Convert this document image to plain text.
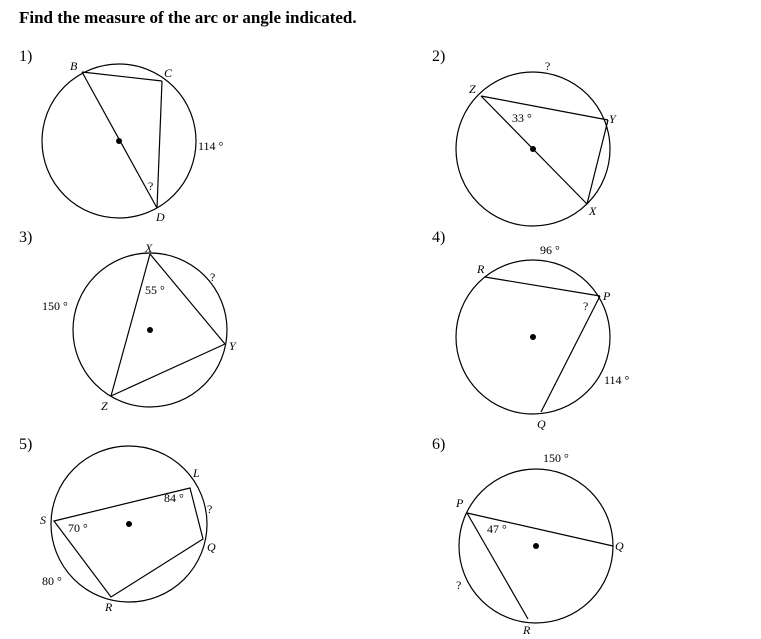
Find the measure of the arc or angle indicated.
1)	2)
3)	4)
5)	6)
B	C
D
114 °
?
Z
Y
X
33 °
?
X
Y
Z
150 °
55 °
?
R
P
Q
96 °
?
114 °
L
S
Q
R
84 °
?
70 °
80 °
P
Q
R
150 °
47 °
?
